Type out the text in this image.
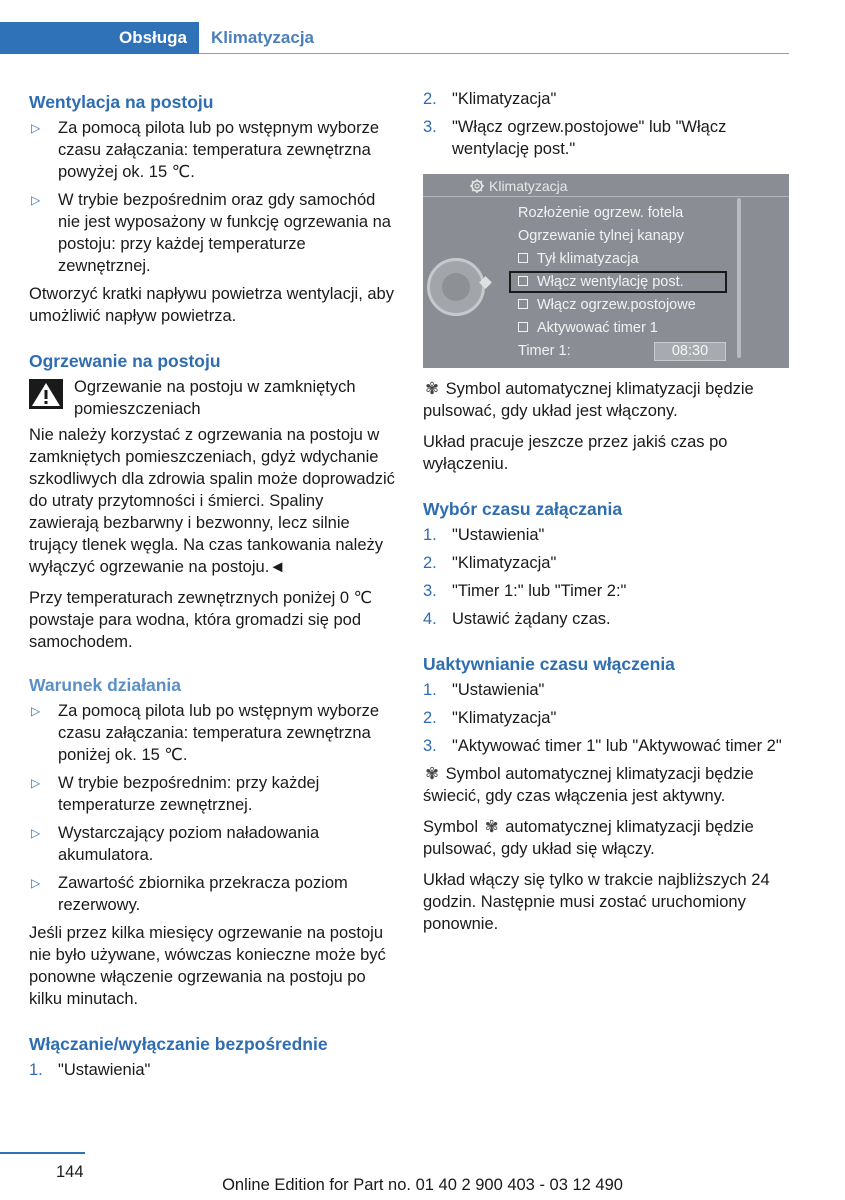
Obsługa Klimatyzacja
Wentylacja na postoju
▷ Za pomocą pilota lub po wstępnym wyborze czasu załączania: temperatura zewnętrzna powyżej ok. 15 ℃.
▷ W trybie bezpośrednim oraz gdy samochód nie jest wyposażony w funkcję ogrzewania na postoju: przy każdej temperaturze zewnętrznej.

Otworzyć kratki napływu powietrza wentylacji, aby umożliwić napływ powietrza.

Ogrzewanie na postoju
Ogrzewanie na postoju w zamkniętych pomieszczeniach

Nie należy korzystać z ogrzewania na postoju w zamkniętych pomieszczeniach, gdyż wdychanie szkodliwych dla zdrowia spalin może doprowadzić do utraty przytomności i śmierci. Spaliny zawierają bezbarwny i bezwonny, lecz silnie trujący tlenek węgla. Na czas tankowania należy wyłączyć ogrzewanie na postoju.◄

Przy temperaturach zewnętrznych poniżej 0 ℃ powstaje para wodna, która gromadzi się pod samochodem.

Warunek działania
▷ Za pomocą pilota lub po wstępnym wyborze czasu załączania: temperatura zewnętrzna poniżej ok. 15 ℃.
▷ W trybie bezpośrednim: przy każdej temperaturze zewnętrznej.
▷ Wystarczający poziom naładowania akumulatora.
▷ Zawartość zbiornika przekracza poziom rezerwowy.

Jeśli przez kilka miesięcy ogrzewanie na postoju nie było używane, wówczas konieczne może być ponowne włączenie ogrzewania na postoju po kilku minutach.

Włączanie/wyłączanie bezpośrednie
1. "Ustawienia"
2. "Klimatyzacja"
3. "Włącz ogrzew.postojowe" lub "Włącz wentylację post."
Klimatyzacja
Rozłożenie ogrzew. fotela
Ogrzewanie tylnej kanapy
Tył klimatyzacja
Włącz wentylację post.
Włącz ogrzew.postojowe
Aktywować timer 1
Timer 1:	08:30

✾ Symbol automatycznej klimatyzacji będzie pulsować, gdy układ jest włączony.

Układ pracuje jeszcze przez jakiś czas po wyłączeniu.

Wybór czasu załączania
1. "Ustawienia"
2. "Klimatyzacja"
3. "Timer 1:" lub "Timer 2:"
4. Ustawić żądany czas.
Uaktywnianie czasu włączenia
1. "Ustawienia"
2. "Klimatyzacja"
3. "Aktywować timer 1" lub "Aktywować timer 2"

✾ Symbol automatycznej klimatyzacji będzie świecić, gdy czas włączenia jest aktywny.

Symbol ✾ automatycznej klimatyzacji będzie pulsować, gdy układ się włączy.

Układ włączy się tylko w trakcie najbliższych 24 godzin. Następnie musi zostać uruchomiony ponownie.

144
Online Edition for Part no. 01 40 2 900 403 - 03 12 490
